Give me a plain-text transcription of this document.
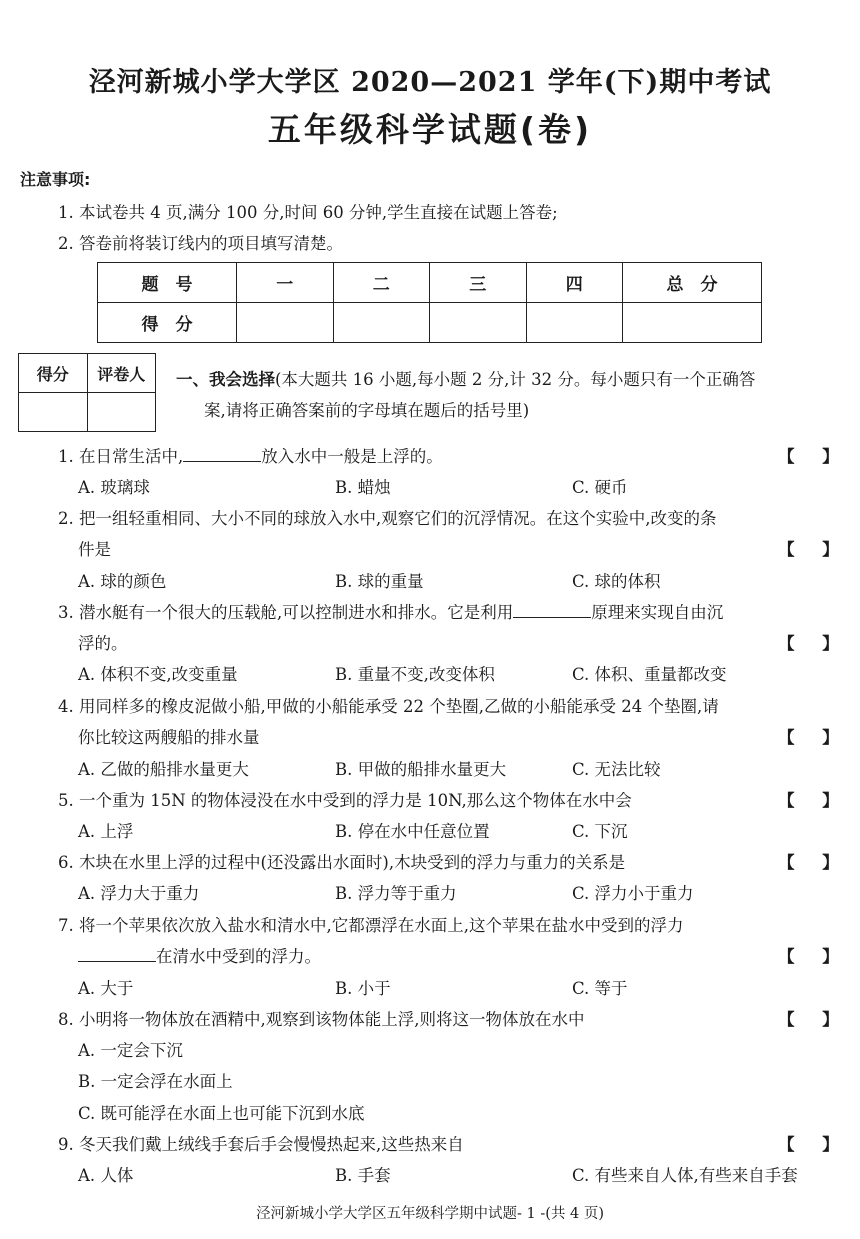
泾河新城小学大学区 2020—2021 学年(下)期中考试
五年级科学试题(卷)
注意事项:
1. 本试卷共 4 页,满分 100 分,时间 60 分钟,学生直接在试题上答卷;
2. 答卷前将装订线内的项目填写清楚。
题　号	一	二	三	四	总　分
得　分					
得分	评卷人
	一、我会选择(本大题共 16 小题,每小题 2 分,计 32 分。每小题只有一个正确答
案,请将正确答案前的字母填在题后的括号里)
1. 在日常生活中,	放入水中一般是上浮的。	【 】
A. 玻璃球	B. 蜡烛	C. 硬币
2. 把一组轻重相同、大小不同的球放入水中,观察它们的沉浮情况。在这个实验中,改变的条
件是	【 】
A. 球的颜色	B. 球的重量	C. 球的体积
3. 潜水艇有一个很大的压载舱,可以控制进水和排水。它是利用	原理来实现自由沉
浮的。	【 】
A. 体积不变,改变重量	B. 重量不变,改变体积	C. 体积、重量都改变
4. 用同样多的橡皮泥做小船,甲做的小船能承受 22 个垫圈,乙做的小船能承受 24 个垫圈,请
你比较这两艘船的排水量	【 】
A. 乙做的船排水量更大	B. 甲做的船排水量更大	C. 无法比较
5. 一个重为 15N 的物体浸没在水中受到的浮力是 10N,那么这个物体在水中会	【 】
A. 上浮	B. 停在水中任意位置	C. 下沉
6. 木块在水里上浮的过程中(还没露出水面时),木块受到的浮力与重力的关系是	【 】
A. 浮力大于重力	B. 浮力等于重力	C. 浮力小于重力
7. 将一个苹果依次放入盐水和清水中,它都漂浮在水面上,这个苹果在盐水中受到的浮力
在清水中受到的浮力。	【 】
A. 大于	B. 小于	C. 等于
8. 小明将一物体放在酒精中,观察到该物体能上浮,则将这一物体放在水中	【 】
A. 一定会下沉
B. 一定会浮在水面上
C. 既可能浮在水面上也可能下沉到水底
9. 冬天我们戴上绒线手套后手会慢慢热起来,这些热来自	【 】
A. 人体	B. 手套	C. 有些来自人体,有些来自手套
泾河新城小学大学区五年级科学期中试题- 1 -(共 4 页)
